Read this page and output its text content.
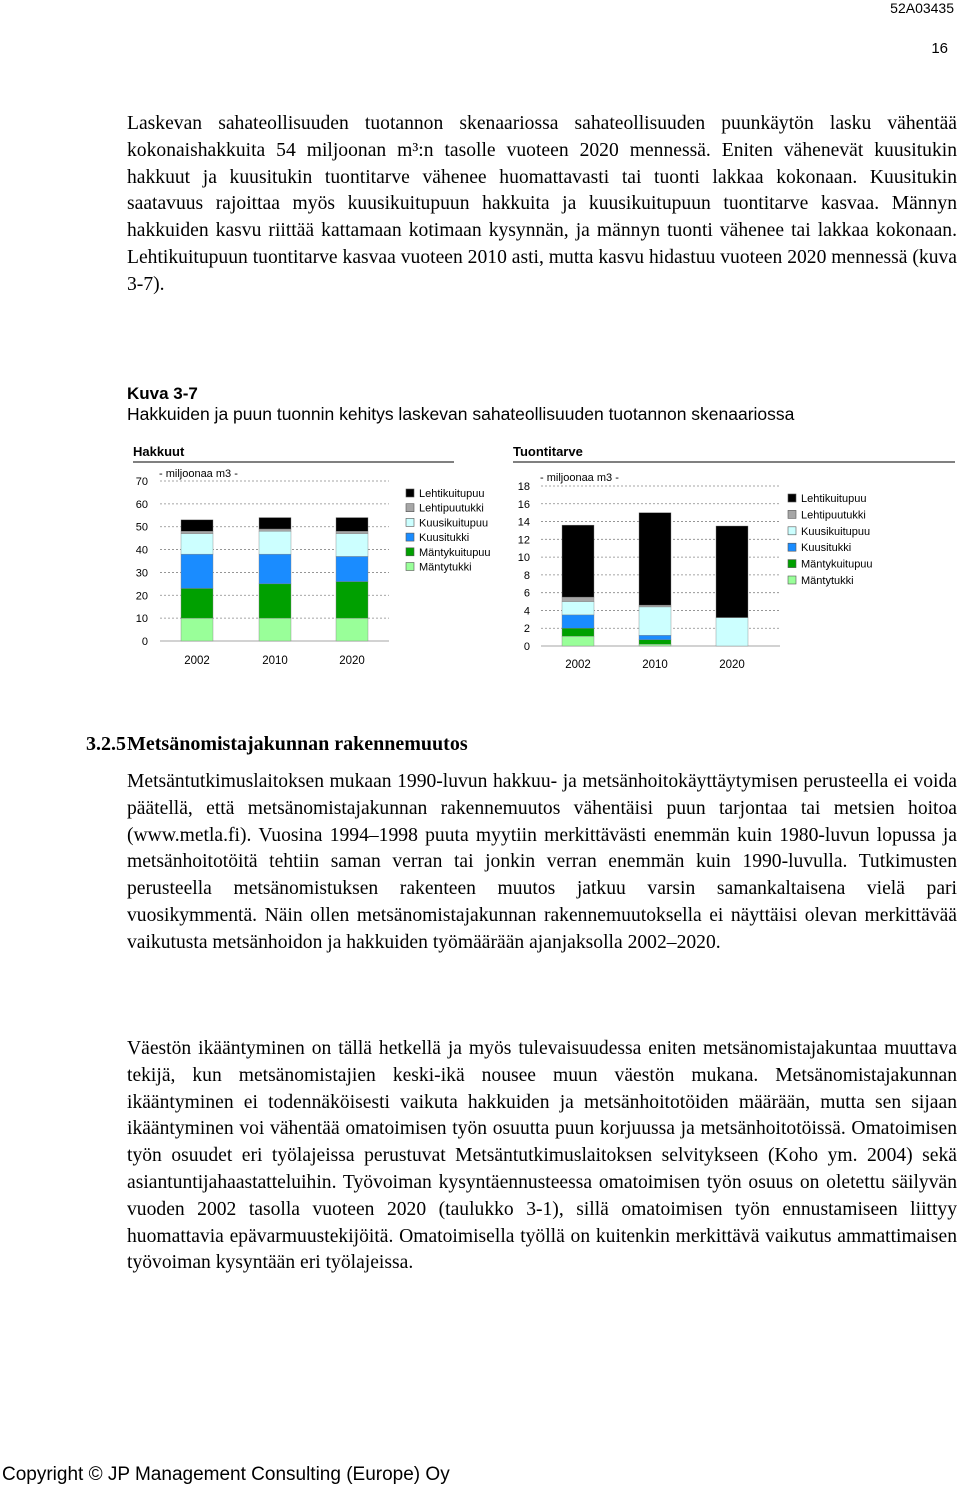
52A03435
16

Laskevan sahateollisuuden tuotannon skenaariossa sahateollisuuden puunkäytön lasku vähentää kokonaishakkuita 54 miljoonan m³:n tasolle vuoteen 2020 mennessä. Eniten vähenevät kuusitukin hakkuut ja kuusitukin tuontitarve vähenee huomattavasti tai tuonti lakkaa kokonaan. Kuusitukin saatavuus rajoittaa myös kuusikuitupuun hakkuita ja kuusikuitupuun tuontitarve kasvaa. Männyn hakkuiden kasvu riittää kattamaan kotimaan kysynnän, ja männyn tuonti vähenee tai lakkaa kokonaan. Lehtikuitupuun tuontitarve kasvaa vuoteen 2010 asti, mutta kasvu hidastuu vuoteen 2020 mennessä (kuva 3-7).

Kuva 3-7
Hakkuiden ja puun tuonnin kehitys laskevan sahateollisuuden tuotannon skenaariossa
Hakkuut
70
60
50
40
30
20
10
0
- miljoonaa m3 -
2002	2010	2020
Lehtikuitupuu
Lehtipuutukki
Kuusikuitupuu
Kuusitukki
Mäntykuitupuu
Mäntytukki
Tuontitarve
18
16
14
12
10
8
6
4
2
0
- miljoonaa m3 -
2002	2010	2020
Lehtikuitupuu
Lehtipuutukki
Kuusikuitupuu
Kuusitukki
Mäntykuitupuu
Mäntytukki
3.2.5 Metsänomistajakunnan rakennemuutos

Metsäntutkimuslaitoksen mukaan 1990-luvun hakkuu- ja metsänhoitokäyttäytymisen perusteella ei voida päätellä, että metsänomistajakunnan rakennemuutos vähentäisi puun tarjontaa tai metsien hoitoa (www.metla.fi). Vuosina 1994–1998 puuta myytiin merkittävästi enemmän kuin 1980-luvun lopussa ja metsänhoitotöitä tehtiin saman verran tai jonkin verran enemmän kuin 1990-luvulla. Tutkimusten perusteella metsänomistuksen rakenteen muutos jatkuu varsin samankaltaisena vielä pari vuosikymmentä. Näin ollen metsänomistajakunnan rakennemuutoksella ei näyttäisi olevan merkittävää vaikutusta metsänhoidon ja hakkuiden työmäärään ajanjaksolla 2002–2020.

Väestön ikääntyminen on tällä hetkellä ja myös tulevaisuudessa eniten metsänomistajakuntaa muuttava tekijä, kun metsänomistajien keski-ikä nousee muun väestön mukana. Metsänomistajakunnan ikääntyminen ei todennäköisesti vaikuta hakkuiden ja metsänhoitotöiden määrään, mutta sen sijaan ikääntyminen voi vähentää omatoimisen työn osuutta puun korjuussa ja metsänhoitotöissä. Omatoimisen työn osuudet eri työlajeissa perustuvat Metsäntutkimuslaitoksen selvitykseen (Koho ym. 2004) sekä asiantuntijahaastatteluihin. Työvoiman kysyntäennusteessa omatoimisen työn osuus on oletettu säilyvän vuoden 2002 tasolla vuoteen 2020 (taulukko 3-1), sillä omatoimisen työn ennustamiseen liittyy huomattavia epävarmuustekijöitä. Omatoimisella työllä on kuitenkin merkittävä vaikutus ammattimaisen työvoiman kysyntään eri työlajeissa.

Copyright © JP Management Consulting (Europe) Oy
